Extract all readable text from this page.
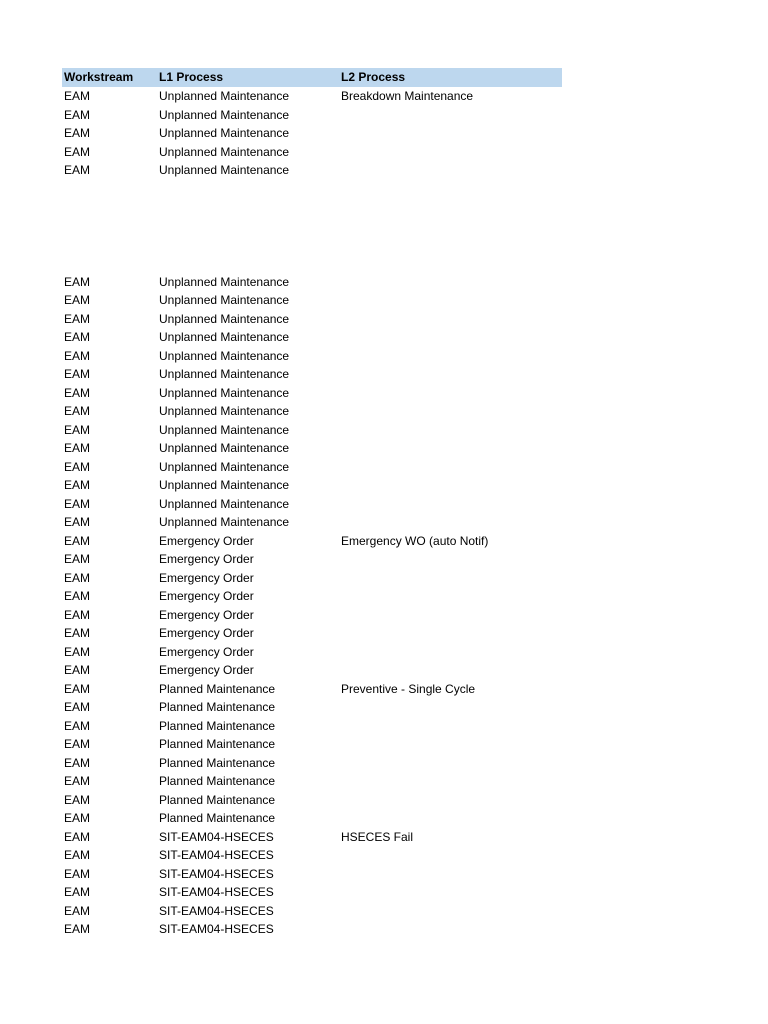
Workstream	L1 Process	L2 Process
EAM	Unplanned Maintenance	Breakdown Maintenance
EAM	Unplanned Maintenance
EAM	Unplanned Maintenance
EAM	Unplanned Maintenance
EAM	Unplanned Maintenance
EAM	Unplanned Maintenance
EAM	Unplanned Maintenance
EAM	Unplanned Maintenance
EAM	Unplanned Maintenance
EAM	Unplanned Maintenance
EAM	Unplanned Maintenance
EAM	Unplanned Maintenance
EAM	Unplanned Maintenance
EAM	Unplanned Maintenance
EAM	Unplanned Maintenance
EAM	Unplanned Maintenance
EAM	Unplanned Maintenance
EAM	Unplanned Maintenance
EAM	Unplanned Maintenance
EAM	Emergency Order	Emergency WO (auto Notif)
EAM	Emergency Order
EAM	Emergency Order
EAM	Emergency Order
EAM	Emergency Order
EAM	Emergency Order
EAM	Emergency Order
EAM	Emergency Order
EAM	Planned Maintenance	Preventive - Single Cycle
EAM	Planned Maintenance
EAM	Planned Maintenance
EAM	Planned Maintenance
EAM	Planned Maintenance
EAM	Planned Maintenance
EAM	Planned Maintenance
EAM	Planned Maintenance
EAM	SIT-EAM04-HSECES	HSECES Fail
EAM	SIT-EAM04-HSECES
EAM	SIT-EAM04-HSECES
EAM	SIT-EAM04-HSECES
EAM	SIT-EAM04-HSECES
EAM	SIT-EAM04-HSECES
